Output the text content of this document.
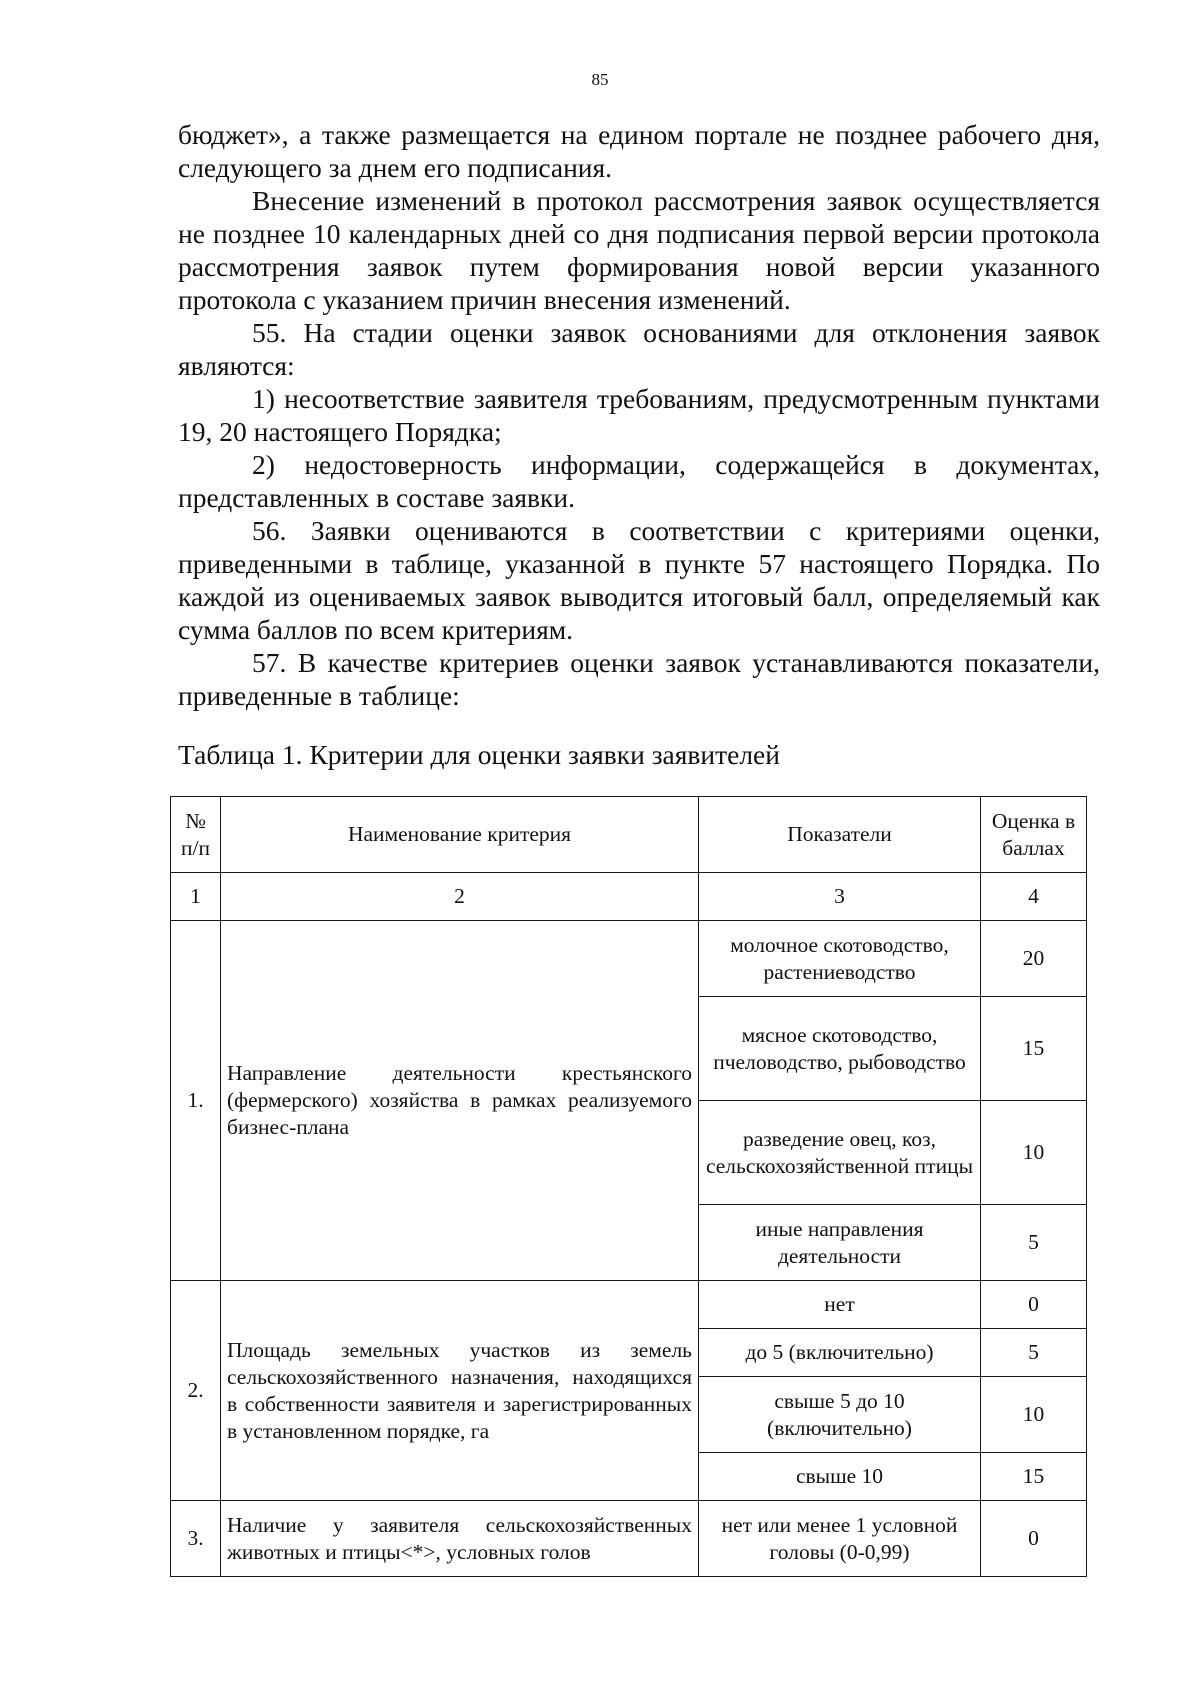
85

бюджет», а также размещается на едином портале не позднее рабочего дня, следующего за днем его подписания.

Внесение изменений в протокол рассмотрения заявок осуществляется не позднее 10 календарных дней со дня подписания первой версии протокола рассмотрения заявок путем формирования новой версии указанного протокола с указанием причин внесения изменений.

55. На стадии оценки заявок основаниями для отклонения заявок являются:

1) несоответствие заявителя требованиям, предусмотренным пунктами 19, 20 настоящего Порядка;

2) недостоверность информации, содержащейся в документах, представленных в составе заявки.

56. Заявки оцениваются в соответствии с критериями оценки, приведенными в таблице, указанной в пункте 57 настоящего Порядка. По каждой из оцениваемых заявок выводится итоговый балл, определяемый как сумма баллов по всем критериям.

57. В качестве критериев оценки заявок устанавливаются показатели, приведенные в таблице:

Таблица 1. Критерии для оценки заявки заявителей
№ п/п	Наименование критерия	Показатели	Оценка в баллах
1	2	3	4
1.	Направление деятельности крестьянского (фермерского) хозяйства в рамках реализуемого бизнес-плана	молочное скотоводство, растениеводство	20
		мясное скотоводство, пчеловодство, рыбоводство	15
		разведение овец, коз, сельскохозяйственной птицы	10
		иные направления деятельности	5
2.	Площадь земельных участков из земель сельскохозяйственного назначения, находящихся в собственности заявителя и зарегистрированных в установленном порядке, га	нет	0
		до 5 (включительно)	5
		свыше 5 до 10 (включительно)	10
		свыше 10	15
3.	Наличие у заявителя сельскохозяйственных животных и птицы<*>, условных голов	нет или менее 1 условной головы (0-0,99)	0
